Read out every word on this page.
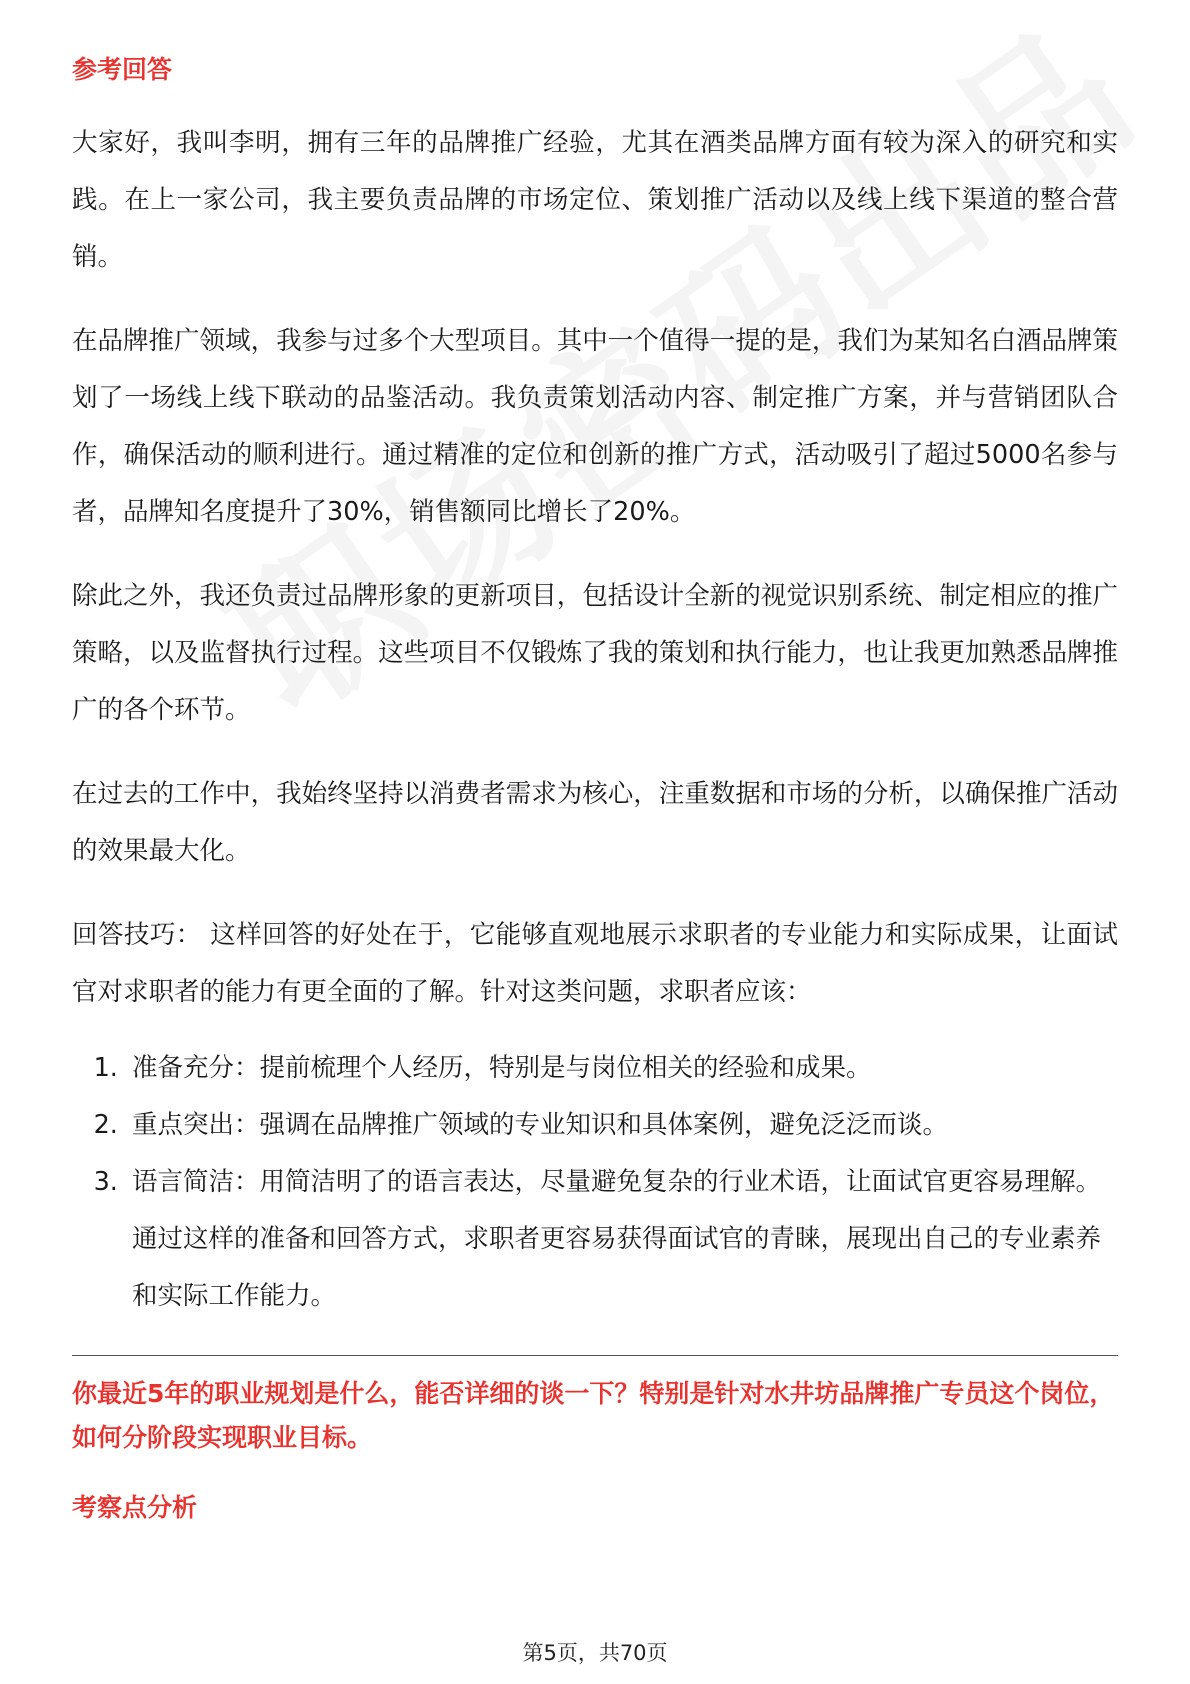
参考回答

大家好，我叫李明，拥有三年的品牌推广经验，尤其在酒类品牌方面有较为深入的研究和实践。在上一家公司，我主要负责品牌的市场定位、策划推广活动以及线上线下渠道的整合营销。

在品牌推广领域，我参与过多个大型项目。其中一个值得一提的是，我们为某知名白酒品牌策划了一场线上线下联动的品鉴活动。我负责策划活动内容、制定推广方案，并与营销团队合作，确保活动的顺利进行。通过精准的定位和创新的推广方式，活动吸引了超过5000名参与者，品牌知名度提升了30%，销售额同比增长了20%。

除此之外，我还负责过品牌形象的更新项目，包括设计全新的视觉识别系统、制定相应的推广策略，以及监督执行过程。这些项目不仅锻炼了我的策划和执行能力，也让我更加熟悉品牌推广的各个环节。

在过去的工作中，我始终坚持以消费者需求为核心，注重数据和市场的分析，以确保推广活动的效果最大化。

回答技巧： 这样回答的好处在于，它能够直观地展示求职者的专业能力和实际成果，让面试官对求职者的能力有更全面的了解。针对这类问题，求职者应该：

1. 准备充分：提前梳理个人经历，特别是与岗位相关的经验和成果。
2. 重点突出：强调在品牌推广领域的专业知识和具体案例，避免泛泛而谈。
3. 语言简洁：用简洁明了的语言表达，尽量避免复杂的行业术语，让面试官更容易理解。 通过这样的准备和回答方式，求职者更容易获得面试官的青睐，展现出自己的专业素养和实际工作能力。

你最近5年的职业规划是什么，能否详细的谈一下？特别是针对水井坊品牌推广专员这个岗位，如何分阶段实现职业目标。

考察点分析
第5页，共70页
